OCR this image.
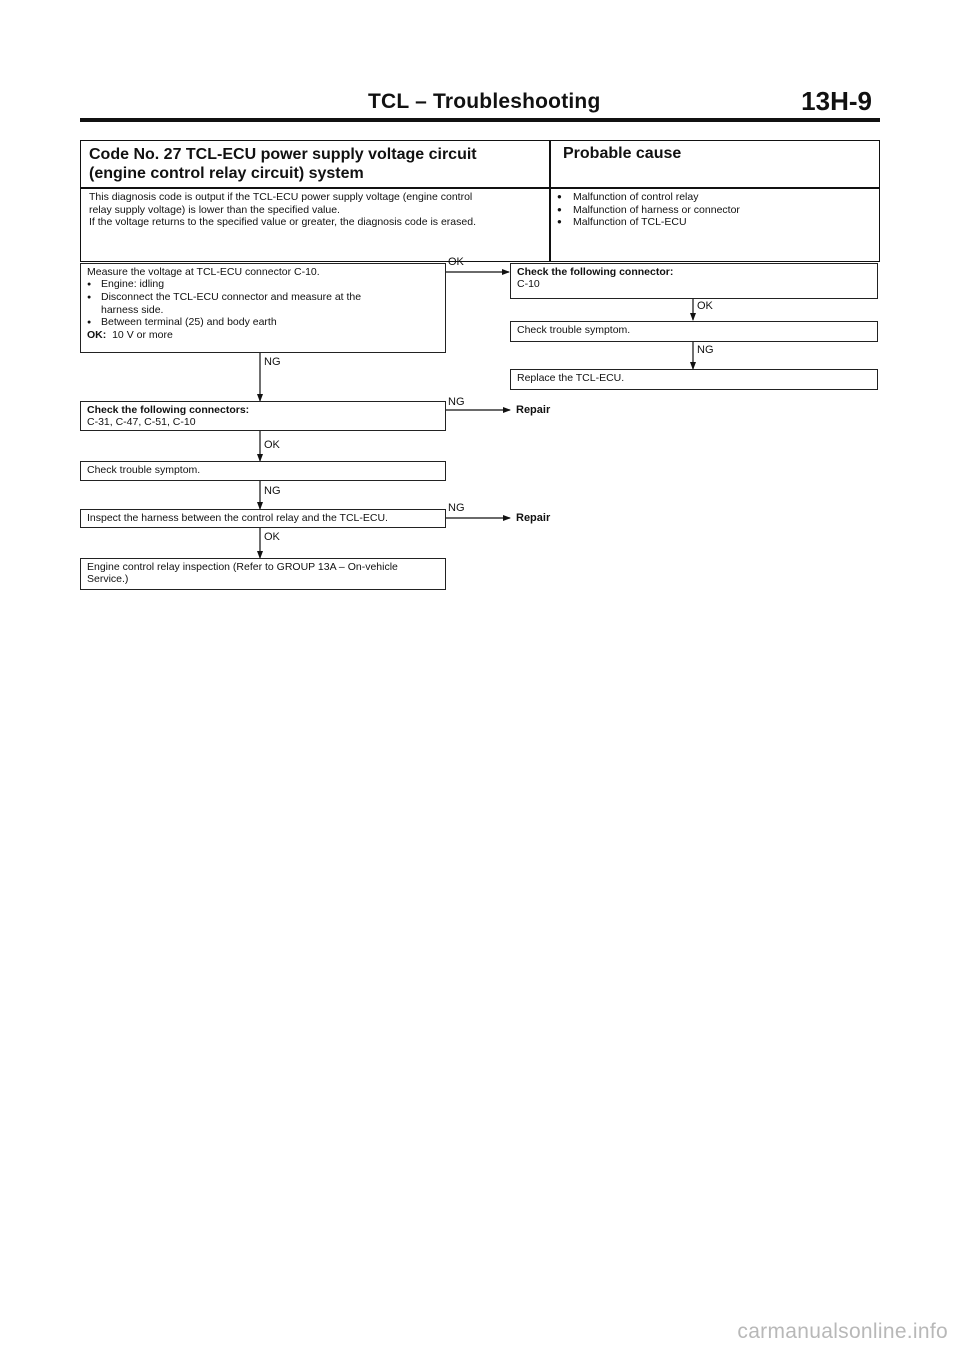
TCL – Troubleshooting	13H-9
Code No. 27 TCL-ECU power supply voltage circuit
(engine control relay circuit) system
Probable cause
This diagnosis code is output if the TCL-ECU power supply voltage (engine control
relay supply voltage) is lower than the specified value.
If the voltage returns to the specified value or greater, the diagnosis code is erased.
● Malfunction of control relay
● Malfunction of harness or connector
● Malfunction of TCL-ECU
Measure the voltage at TCL-ECU connector C-10.
● Engine: idling
● Disconnect the TCL-ECU connector and measure at the
harness side.
● Between terminal (25) and body earth
OK: 10 V or more
Check the following connector:
C-10
Check trouble symptom.
Replace the TCL-ECU.
Check the following connectors:
C-31, C-47, C-51, C-10
Check trouble symptom.
Inspect the harness between the control relay and the TCL-ECU.
Engine control relay inspection (Refer to GROUP 13A – On-vehicle
Service.)
OK
OK
NG
NG
NG
OK
NG
NG
OK
Repair
Repair
carmanualsonline.info
